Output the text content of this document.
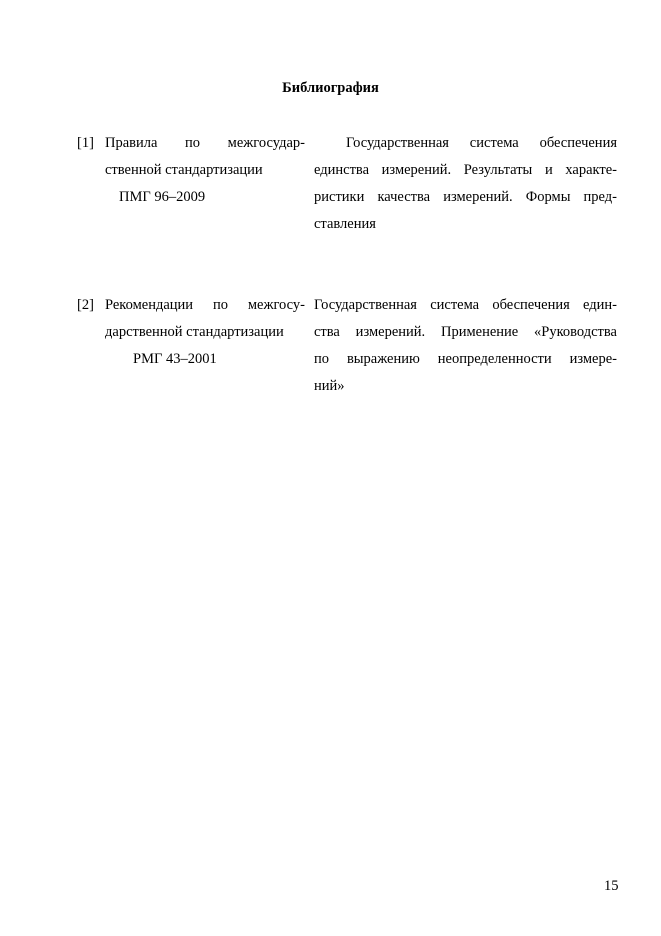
Библиография
[1] Правила по межгосудар-
ственной стандартизации
ПМГ 96–2009
Государственная система обеспечения
единства измерений. Результаты и характе-
ристики качества измерений. Формы пред-
ставления
[2] Рекомендации по межгосу-
дарственной стандартизации
РМГ 43–2001
Государственная система обеспечения един-
ства измерений. Применение «Руководства
по выражению неопределенности измере-
ний»
15
